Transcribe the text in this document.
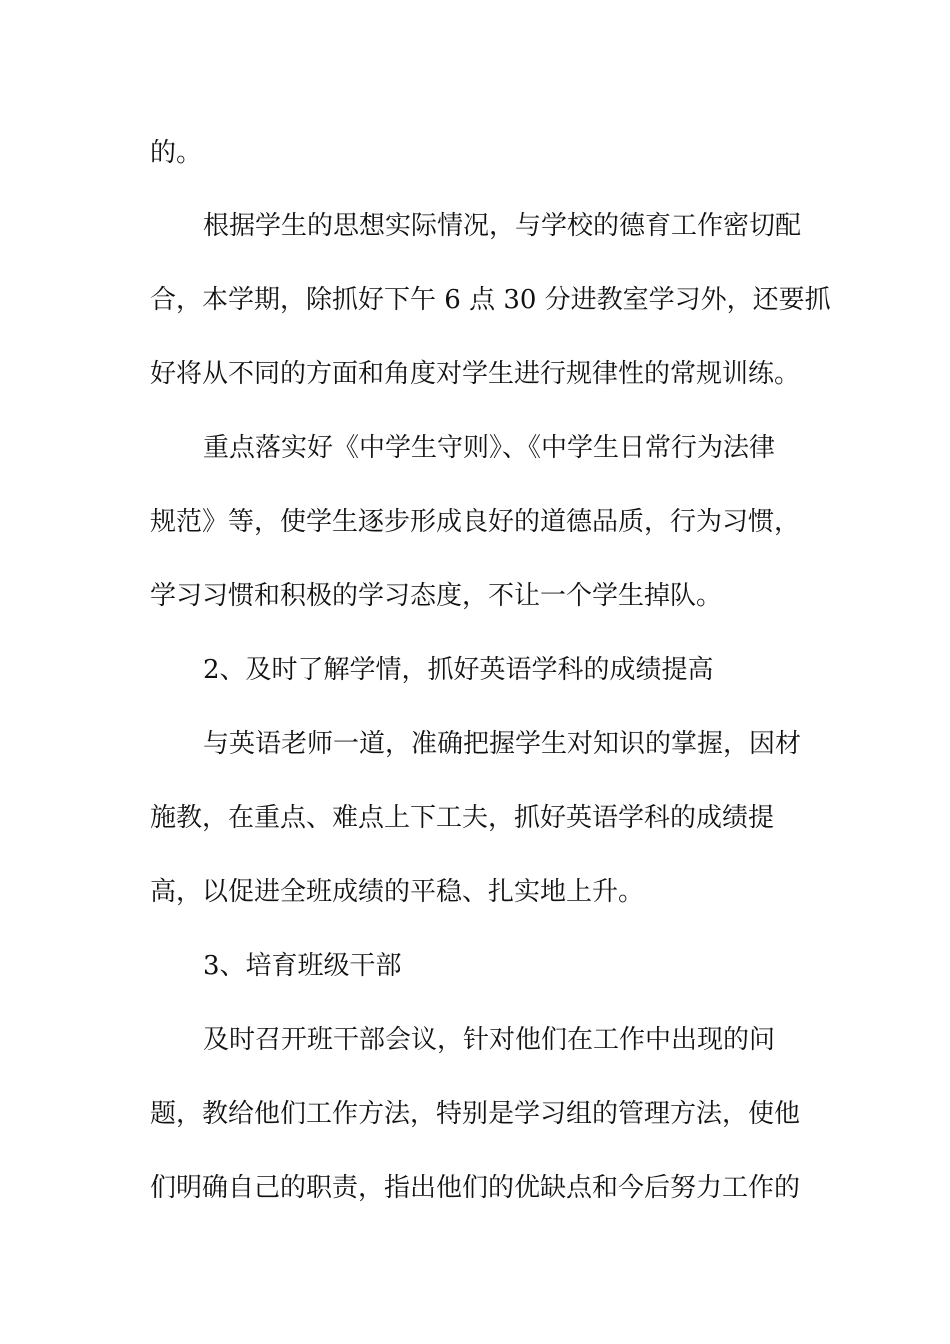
的。
根据学生的思想实际情况，与学校的德育工作密切配
合，本学期，除抓好下午 6 点 30 分进教室学习外，还要抓
好将从不同的方面和角度对学生进行规律性的常规训练。
重点落实好《中学生守则》、《中学生日常行为法律
规范》等，使学生逐步形成良好的道德品质，行为习惯，
学习习惯和积极的学习态度，不让一个学生掉队。
2、及时了解学情，抓好英语学科的成绩提高
与英语老师一道，准确把握学生对知识的掌握，因材
施教，在重点、难点上下工夫，抓好英语学科的成绩提
高，以促进全班成绩的平稳、扎实地上升。
3、培育班级干部
及时召开班干部会议，针对他们在工作中出现的问
题，教给他们工作方法，特别是学习组的管理方法，使他
们明确自己的职责，指出他们的优缺点和今后努力工作的
